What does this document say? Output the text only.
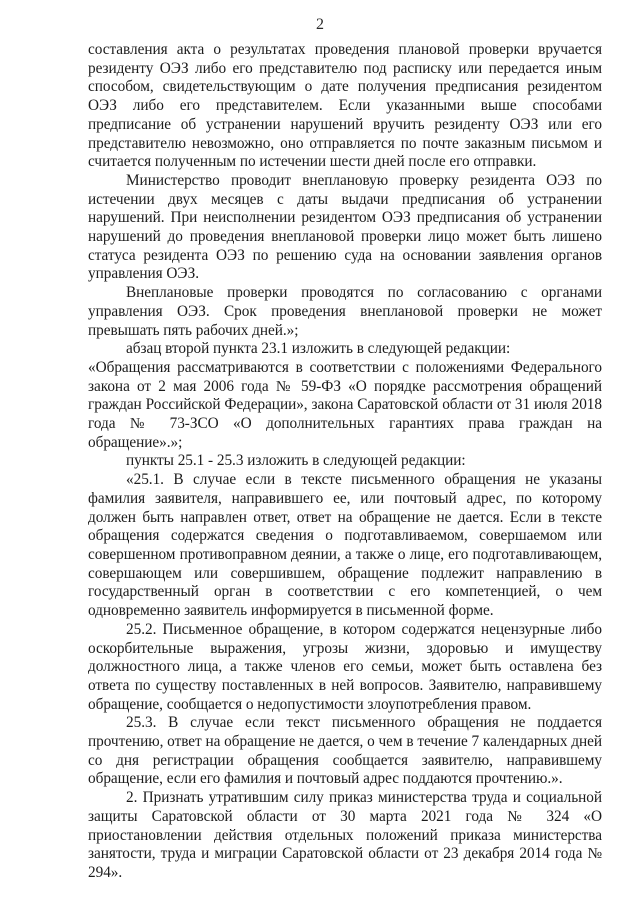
2

составления акта о результатах проведения плановой проверки вручается резиденту ОЭЗ либо его представителю под расписку или передается иным способом, свидетельствующим о дате получения предписания резидентом ОЭЗ либо его представителем. Если указанными выше способами предписание об устранении нарушений вручить резиденту ОЭЗ или его представителю невозможно, оно отправляется по почте заказным письмом и считается полученным по истечении шести дней после его отправки.

Министерство проводит внеплановую проверку резидента ОЭЗ по истечении двух месяцев с даты выдачи предписания об устранении нарушений. При неисполнении резидентом ОЭЗ предписания об устранении нарушений до проведения внеплановой проверки лицо может быть лишено статуса резидента ОЭЗ по решению суда на основании заявления органов управления ОЭЗ.

Внеплановые проверки проводятся по согласованию с органами управления ОЭЗ. Срок проведения внеплановой проверки не может превышать пять рабочих дней.»;

абзац второй пункта 23.1 изложить в следующей редакции:

«Обращения рассматриваются в соответствии с положениями Федерального закона от 2 мая 2006 года № 59-ФЗ «О порядке рассмотрения обращений граждан Российской Федерации», закона Саратовской области от 31 июля 2018 года № 73-ЗСО «О дополнительных гарантиях права граждан на обращение».»;

пункты 25.1 - 25.3 изложить в следующей редакции:

«25.1. В случае если в тексте письменного обращения не указаны фамилия заявителя, направившего ее, или почтовый адрес, по которому должен быть направлен ответ, ответ на обращение не дается. Если в тексте обращения содержатся сведения о подготавливаемом, совершаемом или совершенном противоправном деянии, а также о лице, его подготавливающем, совершающем или совершившем, обращение подлежит направлению в государственный орган в соответствии с его компетенцией, о чем одновременно заявитель информируется в письменной форме.

25.2. Письменное обращение, в котором содержатся нецензурные либо оскорбительные выражения, угрозы жизни, здоровью и имуществу должностного лица, а также членов его семьи, может быть оставлена без ответа по существу поставленных в ней вопросов. Заявителю, направившему обращение, сообщается о недопустимости злоупотребления правом.

25.3. В случае если текст письменного обращения не поддается прочтению, ответ на обращение не дается, о чем в течение 7 календарных дней со дня регистрации обращения сообщается заявителю, направившему обращение, если его фамилия и почтовый адрес поддаются прочтению.».

2. Признать утратившим силу приказ министерства труда и социальной защиты Саратовской области от 30 марта 2021 года № 324 «О приостановлении действия отдельных положений приказа министерства занятости, труда и миграции Саратовской области от 23 декабря 2014 года № 294».
